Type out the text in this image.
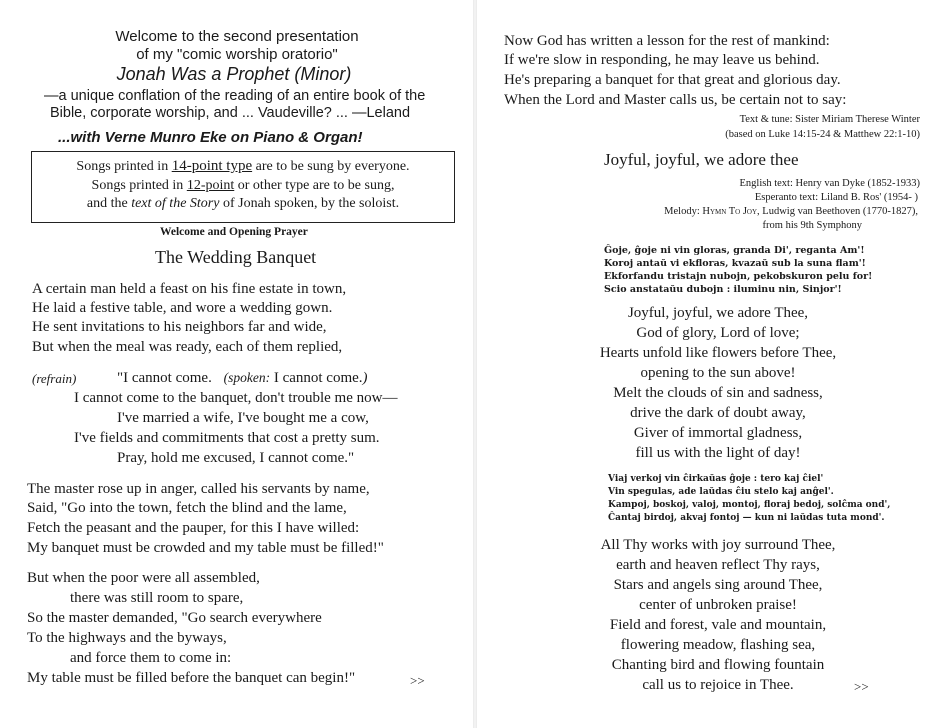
Welcome to the second presentation
of my "comic worship oratorio"
Jonah Was a Prophet (Minor)
—a unique conflation of the reading of an entire book of the
Bible, corporate worship, and ... Vaudeville? ... —Leland
...with Verne Munro Eke on Piano & Organ!
Songs printed in 14-point type are to be sung by everyone.
Songs printed in 12-point or other type are to be sung,
and the text of the Story of Jonah spoken, by the soloist.
Welcome and Opening Prayer
The Wedding Banquet
A certain man held a feast on his fine estate in town,
He laid a festive table, and wore a wedding gown.
He sent invitations to his neighbors far and wide,
But when the meal was ready, each of them replied,
(refrain)	"I cannot come. (spoken: I cannot come.)
I cannot come to the banquet, don't trouble me now—
I've married a wife, I've bought me a cow,
I've fields and commitments that cost a pretty sum.
Pray, hold me excused, I cannot come."
The master rose up in anger, called his servants by name,
Said, "Go into the town, fetch the blind and the lame,
Fetch the peasant and the pauper, for this I have willed:
My banquet must be crowded and my table must be filled!"
But when the poor were all assembled,
there was still room to spare,
So the master demanded, "Go search everywhere
To the highways and the byways,
and force them to come in:
My table must be filled before the banquet can begin!"	>>
Now God has written a lesson for the rest of mankind:
If we're slow in responding, he may leave us behind.
He's preparing a banquet for that great and glorious day.
When the Lord and Master calls us, be certain not to say:
Text & tune: Sister Miriam Therese Winter
(based on Luke 14:15-24 & Matthew 22:1-10)
Joyful, joyful, we adore thee
English text: Henry van Dyke (1852-1933)
Esperanto text: Liland B. Ros' (1954- )
Melody: Hymn To Joy, Ludwig van Beethoven (1770-1827),
from his 9th Symphony
Ĝoje, ĝoje ni vin gloras, granda Di', reganta Am'!
Koroj antaŭ vi ekfloras, kvazaŭ sub la suna flam'!
Ekforfandu tristajn nubojn, pekobskuron pelu for!
Scio anstataŭu dubojn : iluminu nin, Sinjor'!
Joyful, joyful, we adore Thee,
God of glory, Lord of love;
Hearts unfold like flowers before Thee,
opening to the sun above!
Melt the clouds of sin and sadness,
drive the dark of doubt away,
Giver of immortal gladness,
fill us with the light of day!
Viaj verkoj vin ĉirkaŭas ĝoje : tero kaj ĉiel'
Vin spegulas, ade laŭdas ĉiu stelo kaj anĝel'.
Kampoj, boskoj, valoj, montoj, floraj bedoj, solĉma ond',
Ĉantaj birdoj, akvaj fontoj — kun ni laŭdas tuta mond'.
All Thy works with joy surround Thee,
earth and heaven reflect Thy rays,
Stars and angels sing around Thee,
center of unbroken praise!
Field and forest, vale and mountain,
flowering meadow, flashing sea,
Chanting bird and flowing fountain
call us to rejoice in Thee.	>>
